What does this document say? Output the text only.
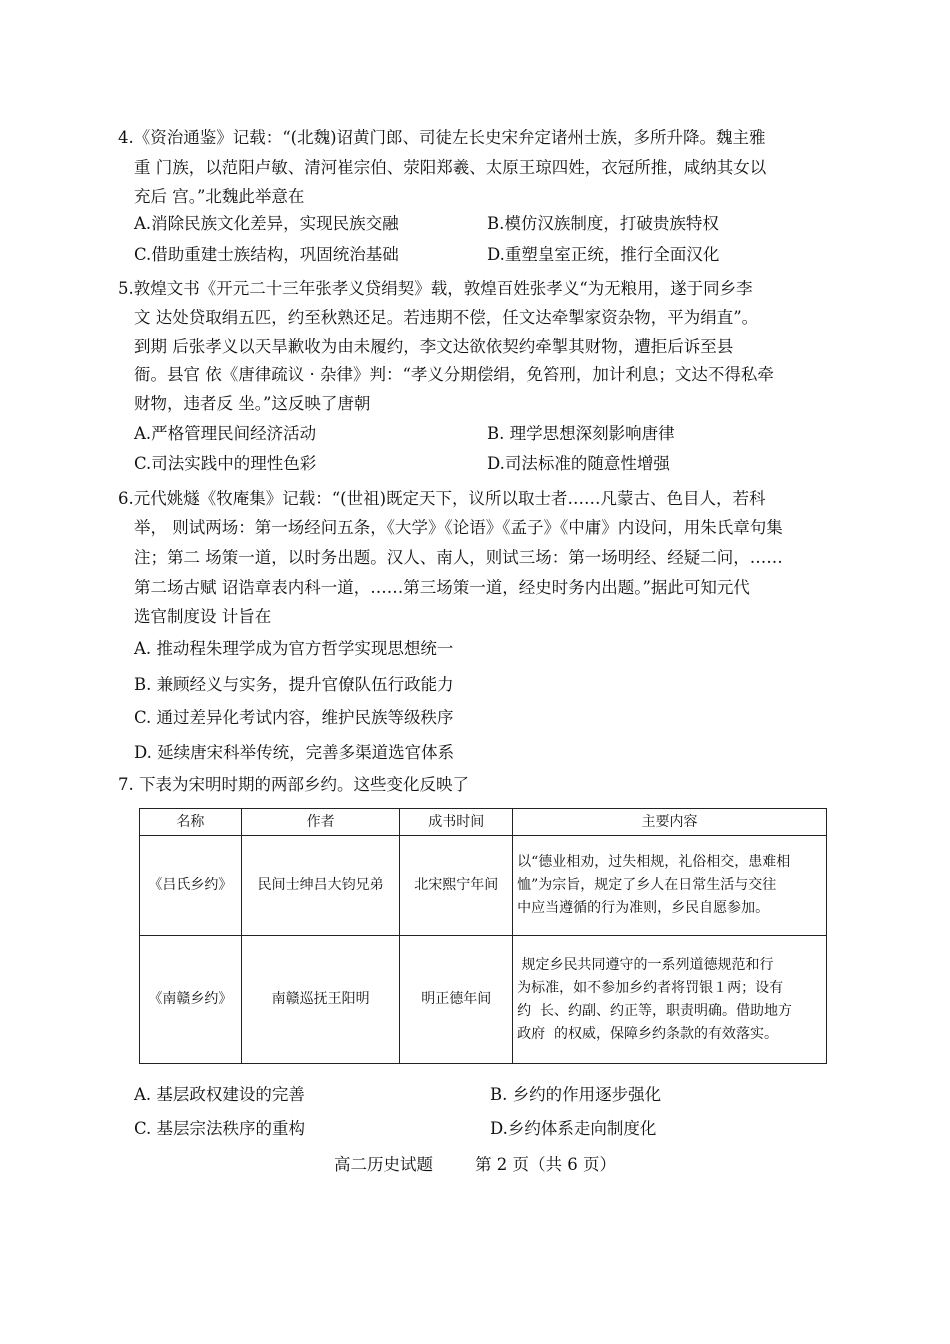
4.《资治通鉴》记载：“(北魏)诏黄门郎、司徒左长史宋弁定诸州士族，多所升降。魏主雅
重 门族，以范阳卢敏、清河崔宗伯、荥阳郑羲、太原王琼四姓，衣冠所推，咸纳其女以
充后 宫。”北魏此举意在
A.消除民族文化差异，实现民族交融	B.模仿汉族制度，打破贵族特权
C.借助重建士族结构，巩固统治基础	D.重塑皇室正统，推行全面汉化
5.敦煌文书《开元二十三年张孝义贷绢契》载，敦煌百姓张孝义“为无粮用，遂于同乡李
文 达处贷取绢五匹，约至秋熟还足。若违期不偿，任文达牵掣家资杂物，平为绢直”。
到期 后张孝义以天旱歉收为由未履约，李文达欲依契约牵掣其财物，遭拒后诉至县
衙。县官 依《唐律疏议 · 杂律》判：“孝义分期偿绢，免笞刑，加计利息；文达不得私牵
财物，违者反 坐。”这反映了唐朝
A.严格管理民间经济活动	B. 理学思想深刻影响唐律
C.司法实践中的理性色彩	D.司法标准的随意性增强
6.元代姚燧《牧庵集》记载：“(世祖)既定天下，议所以取士者……凡蒙古、色目人，若科
举， 则试两场：第一场经问五条，《大学》《论语》《孟子》《中庸》内设问，用朱氏章句集
注；第二 场策一道，以时务出题。汉人、南人，则试三场：第一场明经、经疑二问，……
第二场古赋 诏诰章表内科一道，……第三场策一道，经史时务内出题。”据此可知元代
选官制度设 计旨在
A. 推动程朱理学成为官方哲学实现思想统一
B. 兼顾经义与实务，提升官僚队伍行政能力
C. 通过差异化考试内容，维护民族等级秩序
D. 延续唐宋科举传统，完善多渠道选官体系
7. 下表为宋明时期的两部乡约。这些变化反映了
名称	作者	成书时间	主要内容
《吕氏乡约》	民间士绅吕大钧兄弟	北宋熙宁年间	以“德业相劝，过失相规，礼俗相交，患难相
恤”为宗旨，规定了乡人在日常生活与交往
中应当遵循的行为准则，乡民自愿参加。

《南赣乡约》	南赣巡抚王阳明	明正德年间	规定乡民共同遵守的一系列道德规范和行
为标准，如不参加乡约者将罚银１两；设有
约  长、约副、约正等，职责明确。借助地方
政府  的权威，保障乡约条款的有效落实。
A. 基层政权建设的完善	B. 乡约的作用逐步强化
C. 基层宗法秩序的重构	D.乡约体系走向制度化
高二历史试题        第 2 页（共 6 页）
